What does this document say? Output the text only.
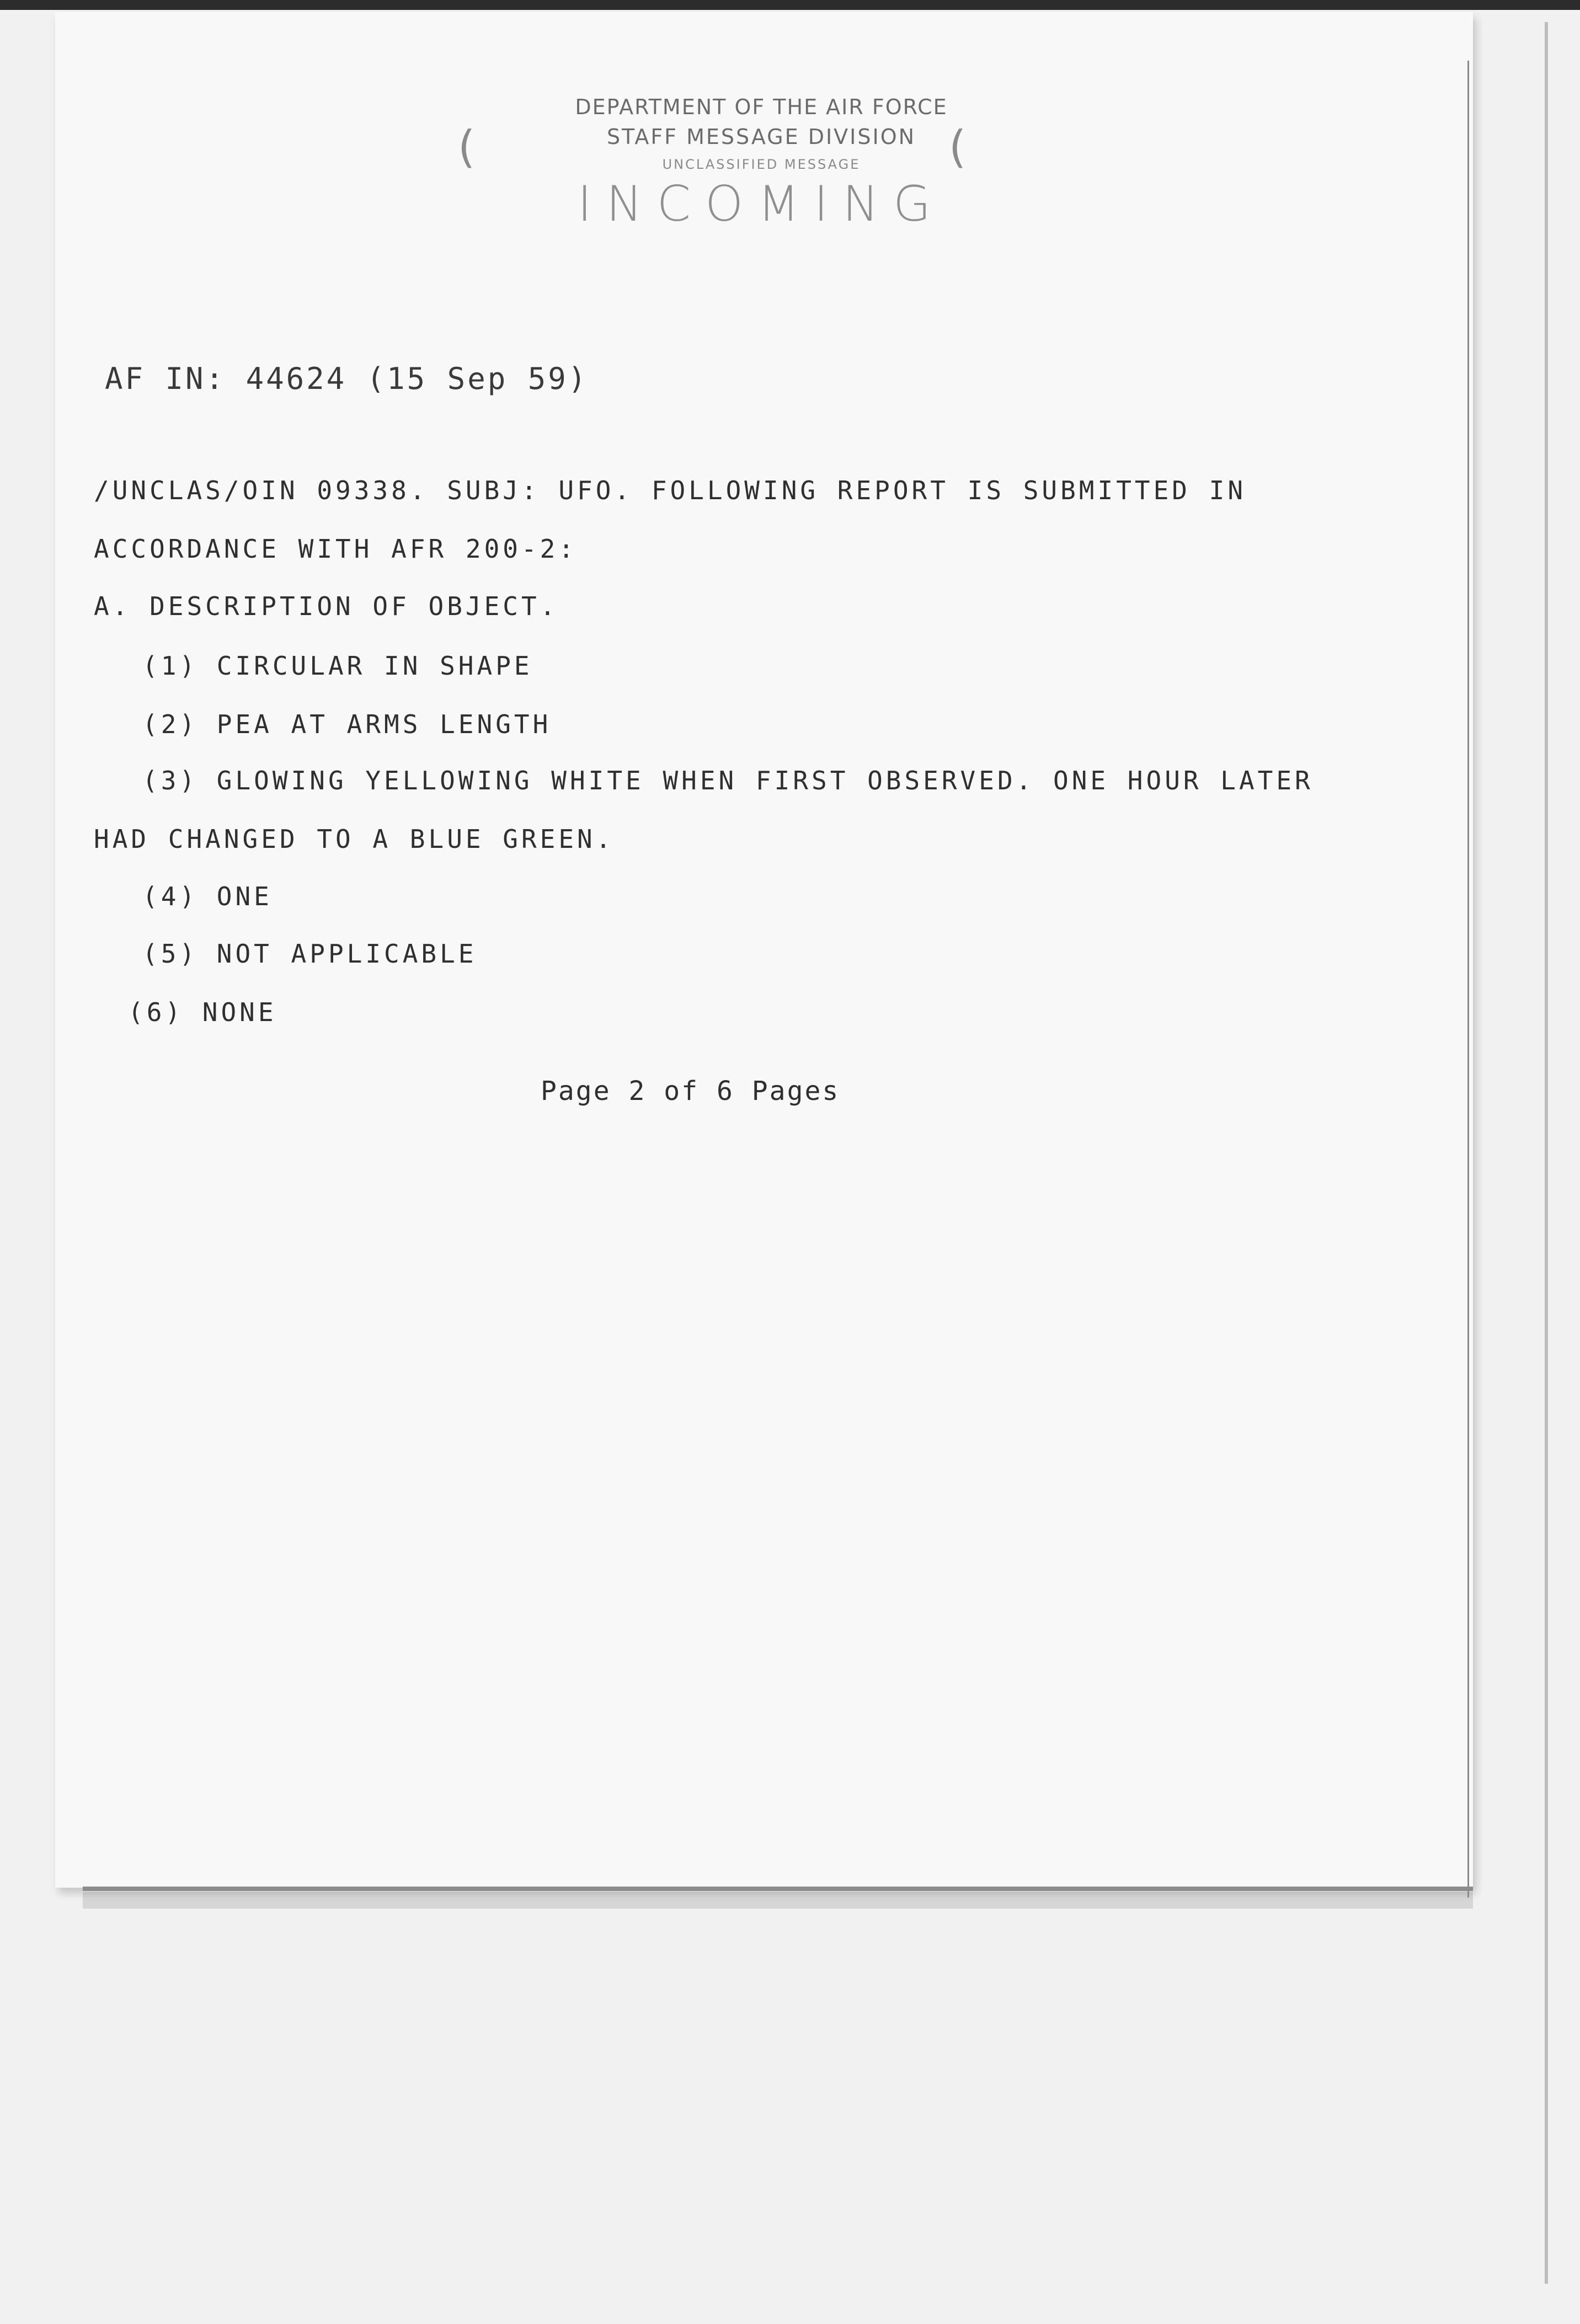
DEPARTMENT OF THE AIR FORCE
STAFF MESSAGE DIVISION
UNCLASSIFIED MESSAGE
INCOMING
(	(
AF IN: 44624 (15 Sep 59)
/UNCLAS/OIN 09338. SUBJ: UFO. FOLLOWING REPORT IS SUBMITTED IN
ACCORDANCE WITH AFR 200-2:
A. DESCRIPTION OF OBJECT.
(1) CIRCULAR IN SHAPE
(2) PEA AT ARMS LENGTH
(3) GLOWING YELLOWING WHITE WHEN FIRST OBSERVED. ONE HOUR LATER
HAD CHANGED TO A BLUE GREEN.
(4) ONE
(5) NOT APPLICABLE
(6) NONE
Page 2 of 6 Pages
